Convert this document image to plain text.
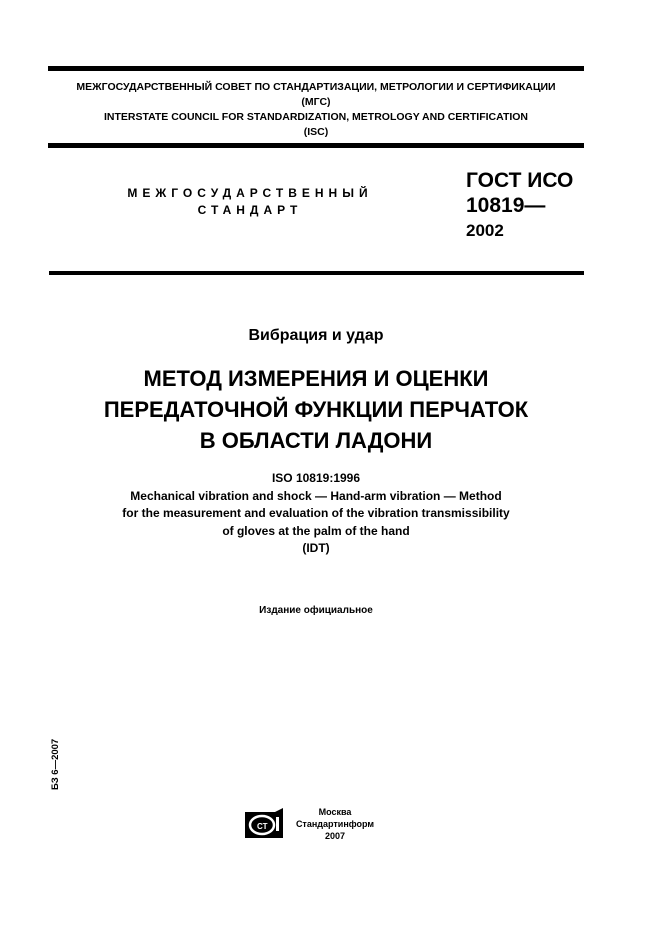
МЕЖГОСУДАРСТВЕННЫЙ СОВЕТ ПО СТАНДАРТИЗАЦИИ, МЕТРОЛОГИИ И СЕРТИФИКАЦИИ
(МГС)
INTERSTATE COUNCIL FOR STANDARDIZATION, METROLOGY AND CERTIFICATION
(ISC)
МЕЖГОСУДАРСТВЕННЫЙ
СТАНДАРТ
ГОСТ ИСО
10819—
2002
Вибрация и удар
МЕТОД ИЗМЕРЕНИЯ И ОЦЕНКИ
ПЕРЕДАТОЧНОЙ ФУНКЦИИ ПЕРЧАТОК
В ОБЛАСТИ ЛАДОНИ
ISO 10819:1996
Mechanical vibration and shock — Hand-arm vibration — Method
for the measurement and evaluation of the vibration transmissibility
of gloves at the palm of the hand
(IDT)
Издание официальное
БЗ 6—2007
СТ
Москва
Стандартинформ
2007
